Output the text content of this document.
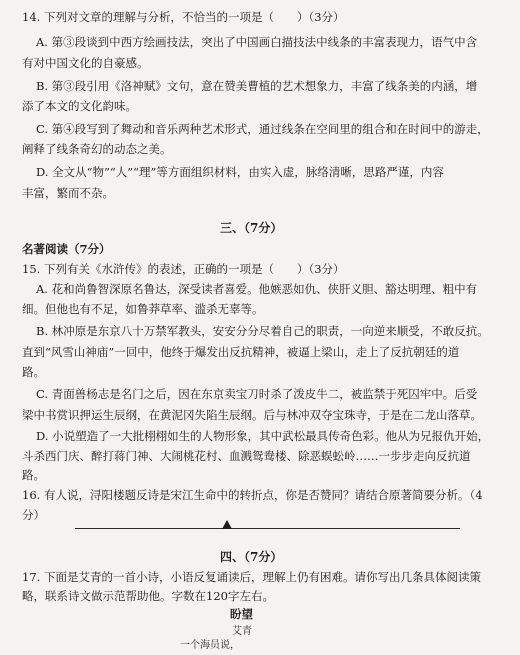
14. 下列对文章的理解与分析，不恰当的一项是（　　）（3分）
A. 第③段谈到中西方绘画技法，突出了中国画白描技法中线条的丰富表现力，语气中含
有对中国文化的自豪感。
B. 第③段引用《洛神赋》文句，意在赞美曹植的艺术想象力，丰富了线条美的内涵，增
添了本文的文化韵味。
C. 第④段写到了舞动和音乐两种艺术形式，通过线条在空间里的组合和在时间中的游走，
阐释了线条奇幻的动态之美。
D. 全文从“物”“人”“理”等方面组织材料，由实入虚，脉络清晰，思路严谨，内容
丰富，繁而不杂。
三、（7分）
名著阅读（7分）
15. 下列有关《水浒传》的表述，正确的一项是（　　）（3分）
A. 花和尚鲁智深原名鲁达，深受读者喜爱。他嫉恶如仇、侠肝义胆、豁达明理、粗中有
细。但他也有不足，如鲁莽草率、滥杀无辜等。
B. 林冲原是东京八十万禁军教头，安安分分尽着自己的职责，一向逆来顺受，不敢反抗。
直到“风雪山神庙”一回中，他终于爆发出反抗精神，被逼上梁山，走上了反抗朝廷的道
路。
C. 青面兽杨志是名门之后，因在东京卖宝刀时杀了泼皮牛二，被监禁于死囚牢中。后受
梁中书赏识押运生辰纲，在黄泥冈失陷生辰纲。后与林冲双夺宝珠寺，于是在二龙山落草。
D. 小说塑造了一大批栩栩如生的人物形象，其中武松最具传奇色彩。他从为兄报仇开始，
斗杀西门庆、醉打蒋门神、大闹桃花村、血溅鸳鸯楼、除恶蜈蚣岭……一步步走向反抗道
路。
16. 有人说，浔阳楼题反诗是宋江生命中的转折点，你是否赞同？请结合原著简要分析。（4
分）
四、（7分）
17. 下面是艾青的一首小诗，小语反复诵读后，理解上仍有困难。请你写出几条具体阅读策
略，联系诗文做示范帮助他。字数在120字左右。
盼望
艾青
一个海员说，
